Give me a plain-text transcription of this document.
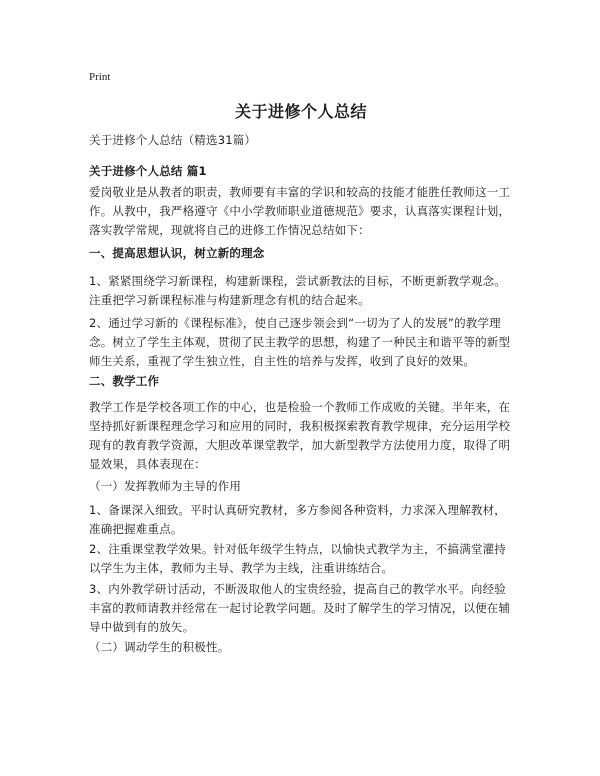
Print
关于进修个人总结

关于进修个人总结（精选31篇）

关于进修个人总结 篇1

爱岗敬业是从教者的职责，教师要有丰富的学识和较高的技能才能胜任教师这一工作。从教中，我严格遵守《中小学教师职业道德规范》要求，认真落实课程计划，落实教学常规，现就将自己的进修工作情况总结如下：

一、提高思想认识，树立新的理念

1、紧紧围绕学习新课程，构建新课程，尝试新教法的目标，不断更新教学观念。注重把学习新课程标准与构建新理念有机的结合起来。

2、通过学习新的《课程标准》，使自己逐步领会到“一切为了人的发展”的教学理念。树立了学生主体观，贯彻了民主教学的思想，构建了一种民主和谐平等的新型师生关系，重视了学生独立性，自主性的培养与发挥，收到了良好的效果。

二、教学工作

教学工作是学校各项工作的中心，也是检验一个教师工作成败的关键。半年来，在坚持抓好新课程理念学习和应用的同时，我积极探索教育教学规律，充分运用学校现有的教育教学资源，大胆改革课堂教学，加大新型教学方法使用力度，取得了明显效果，具体表现在：

（一）发挥教师为主导的作用

1、备课深入细致。平时认真研究教材，多方参阅各种资料，力求深入理解教材，准确把握难重点。

2、注重课堂教学效果。针对低年级学生特点，以愉快式教学为主，不搞满堂灌持以学生为主体，教师为主导、教学为主线，注重讲练结合。

3、内外教学研讨活动，不断汲取他人的宝贵经验，提高自己的教学水平。向经验丰富的教师请教并经常在一起讨论教学问题。及时了解学生的学习情况，以便在辅导中做到有的放矢。

（二）调动学生的积极性。
